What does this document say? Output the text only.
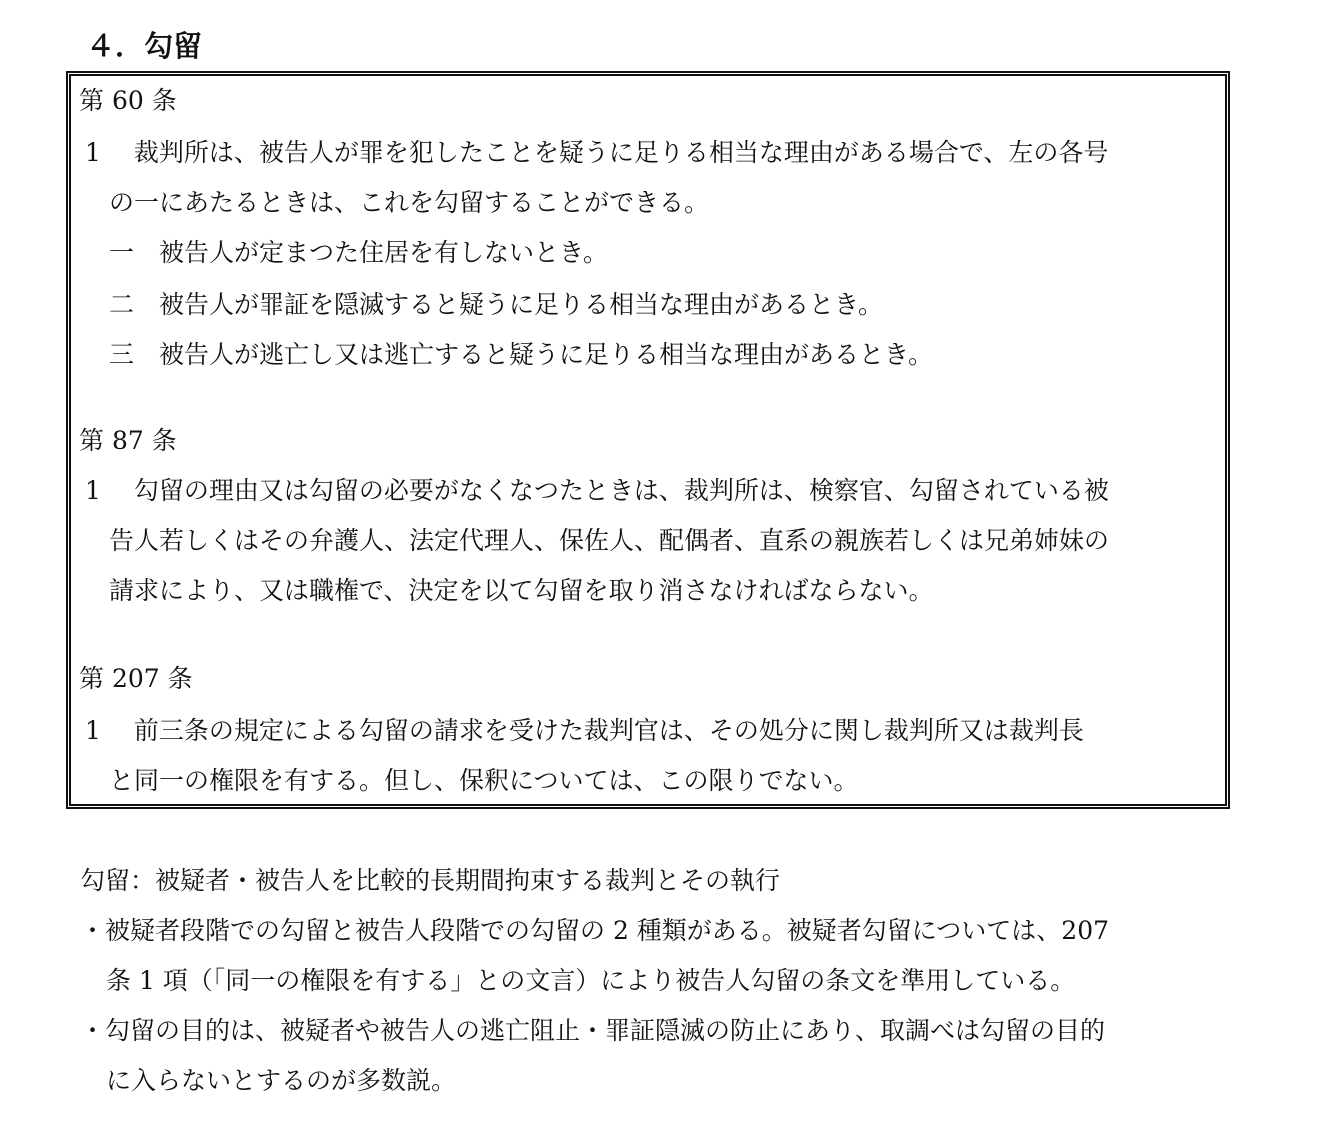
４．勾留
第 60 条
1　 裁判所は、被告人が罪を犯したことを疑うに足りる相当な理由がある場合で、左の各号
の一にあたるときは、これを勾留することができる。
一　被告人が定まつた住居を有しないとき。
二　被告人が罪証を隠滅すると疑うに足りる相当な理由があるとき。
三　被告人が逃亡し又は逃亡すると疑うに足りる相当な理由があるとき。
第 87 条
1　 勾留の理由又は勾留の必要がなくなつたときは、裁判所は、検察官、勾留されている被
告人若しくはその弁護人、法定代理人、保佐人、配偶者、直系の親族若しくは兄弟姉妹の
請求により、又は職権で、決定を以て勾留を取り消さなければならない。
第 207 条
1　 前三条の規定による勾留の請求を受けた裁判官は、その処分に関し裁判所又は裁判長
と同一の権限を有する。但し、保釈については、この限りでない。
勾留：被疑者・被告人を比較的長期間拘束する裁判とその執行
・被疑者段階での勾留と被告人段階での勾留の 2 種類がある。被疑者勾留については、207
条 1 項（「同一の権限を有する」との文言）により被告人勾留の条文を準用している。
・勾留の目的は、被疑者や被告人の逃亡阻止・罪証隠滅の防止にあり、取調べは勾留の目的
に入らないとするのが多数説。
